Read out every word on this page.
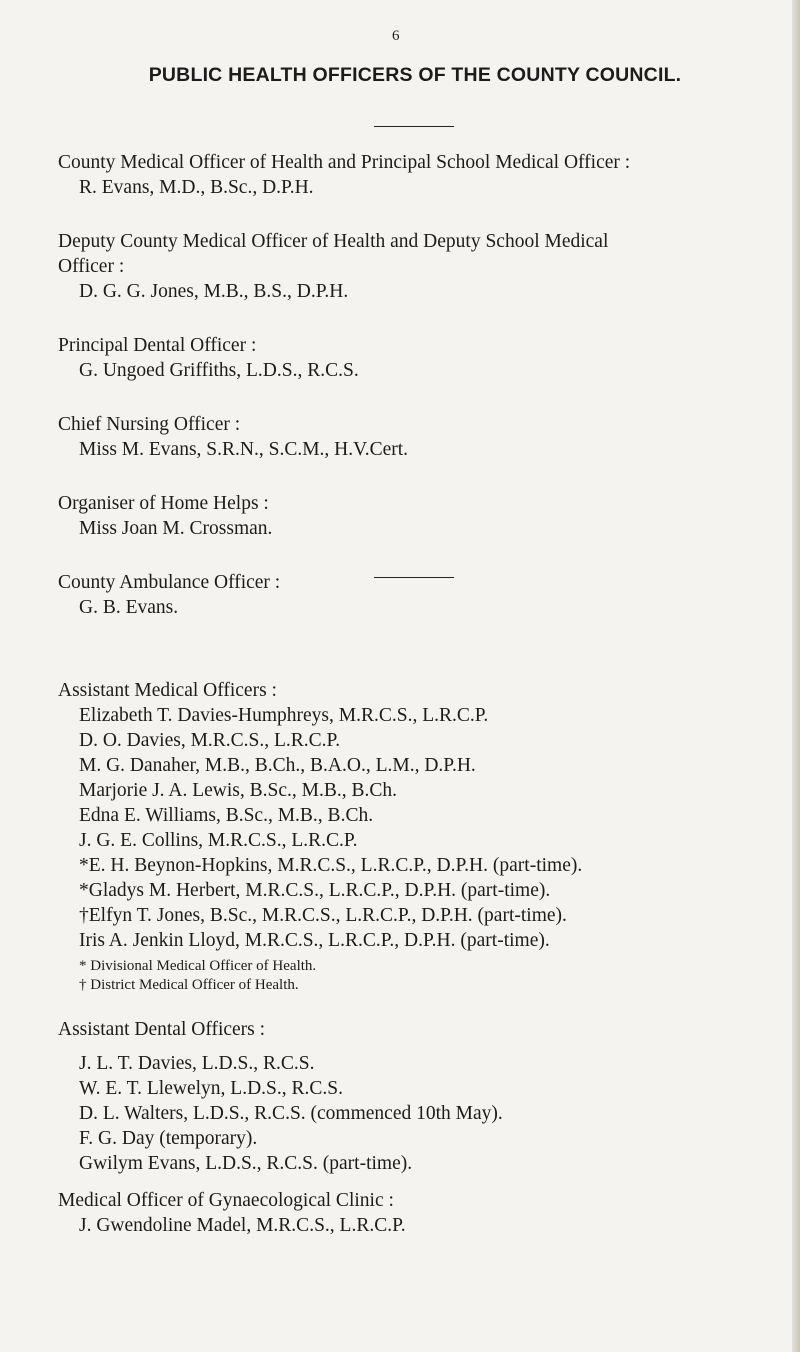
6
PUBLIC HEALTH OFFICERS OF THE COUNTY COUNCIL.

County Medical Officer of Health and Principal School Medical Officer :

R. Evans, M.D., B.Sc., D.P.H.

Deputy County Medical Officer of Health and Deputy School Medical

Officer :

D. G. G. Jones, M.B., B.S., D.P.H.

Principal Dental Officer :

G. Ungoed Griffiths, L.D.S., R.C.S.

Chief Nursing Officer :

Miss M. Evans, S.R.N., S.C.M., H.V.Cert.

Organiser of Home Helps :

Miss Joan M. Crossman.

County Ambulance Officer :

G. B. Evans.

Assistant Medical Officers :

Elizabeth T. Davies-Humphreys, M.R.C.S., L.R.C.P.

D. O. Davies, M.R.C.S., L.R.C.P.

M. G. Danaher, M.B., B.Ch., B.A.O., L.M., D.P.H.

Marjorie J. A. Lewis, B.Sc., M.B., B.Ch.

Edna E. Williams, B.Sc., M.B., B.Ch.

J. G. E. Collins, M.R.C.S., L.R.C.P.

*E. H. Beynon-Hopkins, M.R.C.S., L.R.C.P., D.P.H. (part-time).

*Gladys M. Herbert, M.R.C.S., L.R.C.P., D.P.H. (part-time).

†Elfyn T. Jones, B.Sc., M.R.C.S., L.R.C.P., D.P.H. (part-time).

Iris A. Jenkin Lloyd, M.R.C.S., L.R.C.P., D.P.H. (part-time).

* Divisional Medical Officer of Health.

† District Medical Officer of Health.

Assistant Dental Officers :

J. L. T. Davies, L.D.S., R.C.S.

W. E. T. Llewelyn, L.D.S., R.C.S.

D. L. Walters, L.D.S., R.C.S. (commenced 10th May).

F. G. Day (temporary).

Gwilym Evans, L.D.S., R.C.S. (part-time).

Medical Officer of Gynaecological Clinic :

J. Gwendoline Madel, M.R.C.S., L.R.C.P.
